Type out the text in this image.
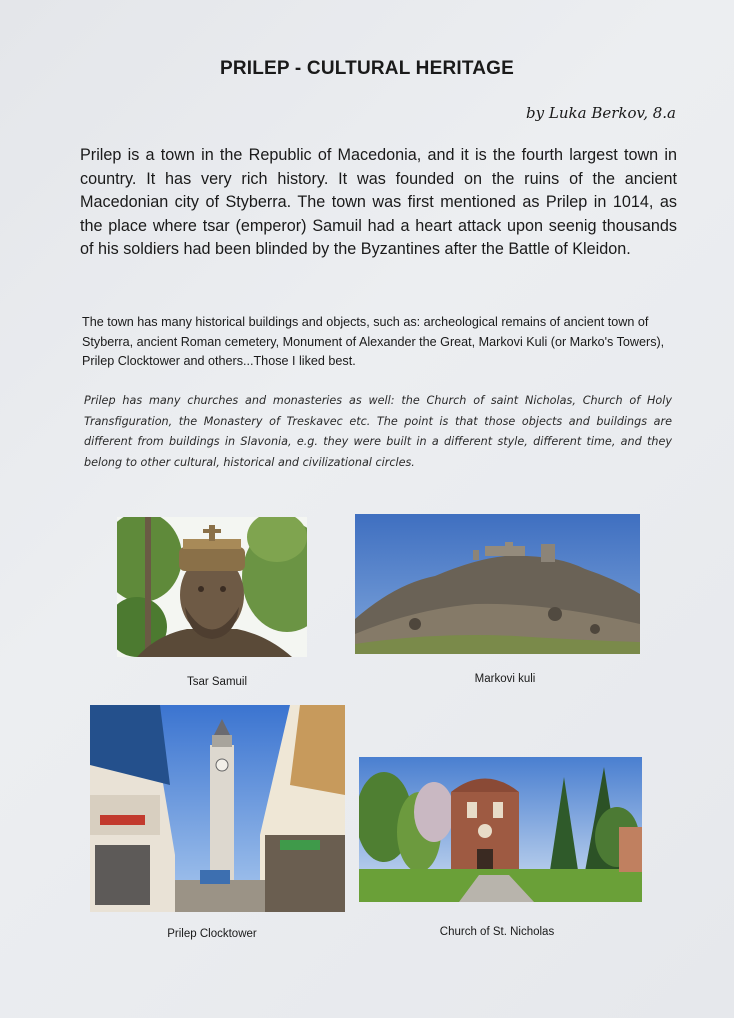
PRILEP - CULTURAL HERITAGE
by Luka Berkov, 8.a
Prilep is a town in the Republic of Macedonia, and it is the fourth largest town in country. It has very rich history. It was founded on the ruins of the ancient Macedonian city of Styberra. The town was first mentioned as Prilep in 1014, as the place where tsar (emperor) Samuil had a heart attack upon seenig thousands of his soldiers had been blinded by the Byzantines after the Battle of Kleidon.
The town has many historical buildings and objects, such as: archeological remains of ancient town of Styberra, ancient Roman cemetery, Monument of Alexander the Great, Markovi Kuli (or Marko's Towers), Prilep Clocktower and others...Those I liked best.
Prilep has many churches and monasteries as well: the Church of saint Nicholas, Church of Holy Transfiguration, the Monastery of Treskavec etc. The point is that those objects and buildings are different from buildings in Slavonia, e.g. they were built in a different style, different time, and they belong to other cultural, historical and civilizational circles.
Tsar Samuil	Markovi kuli
Prilep Clocktower	Church of St. Nicholas
